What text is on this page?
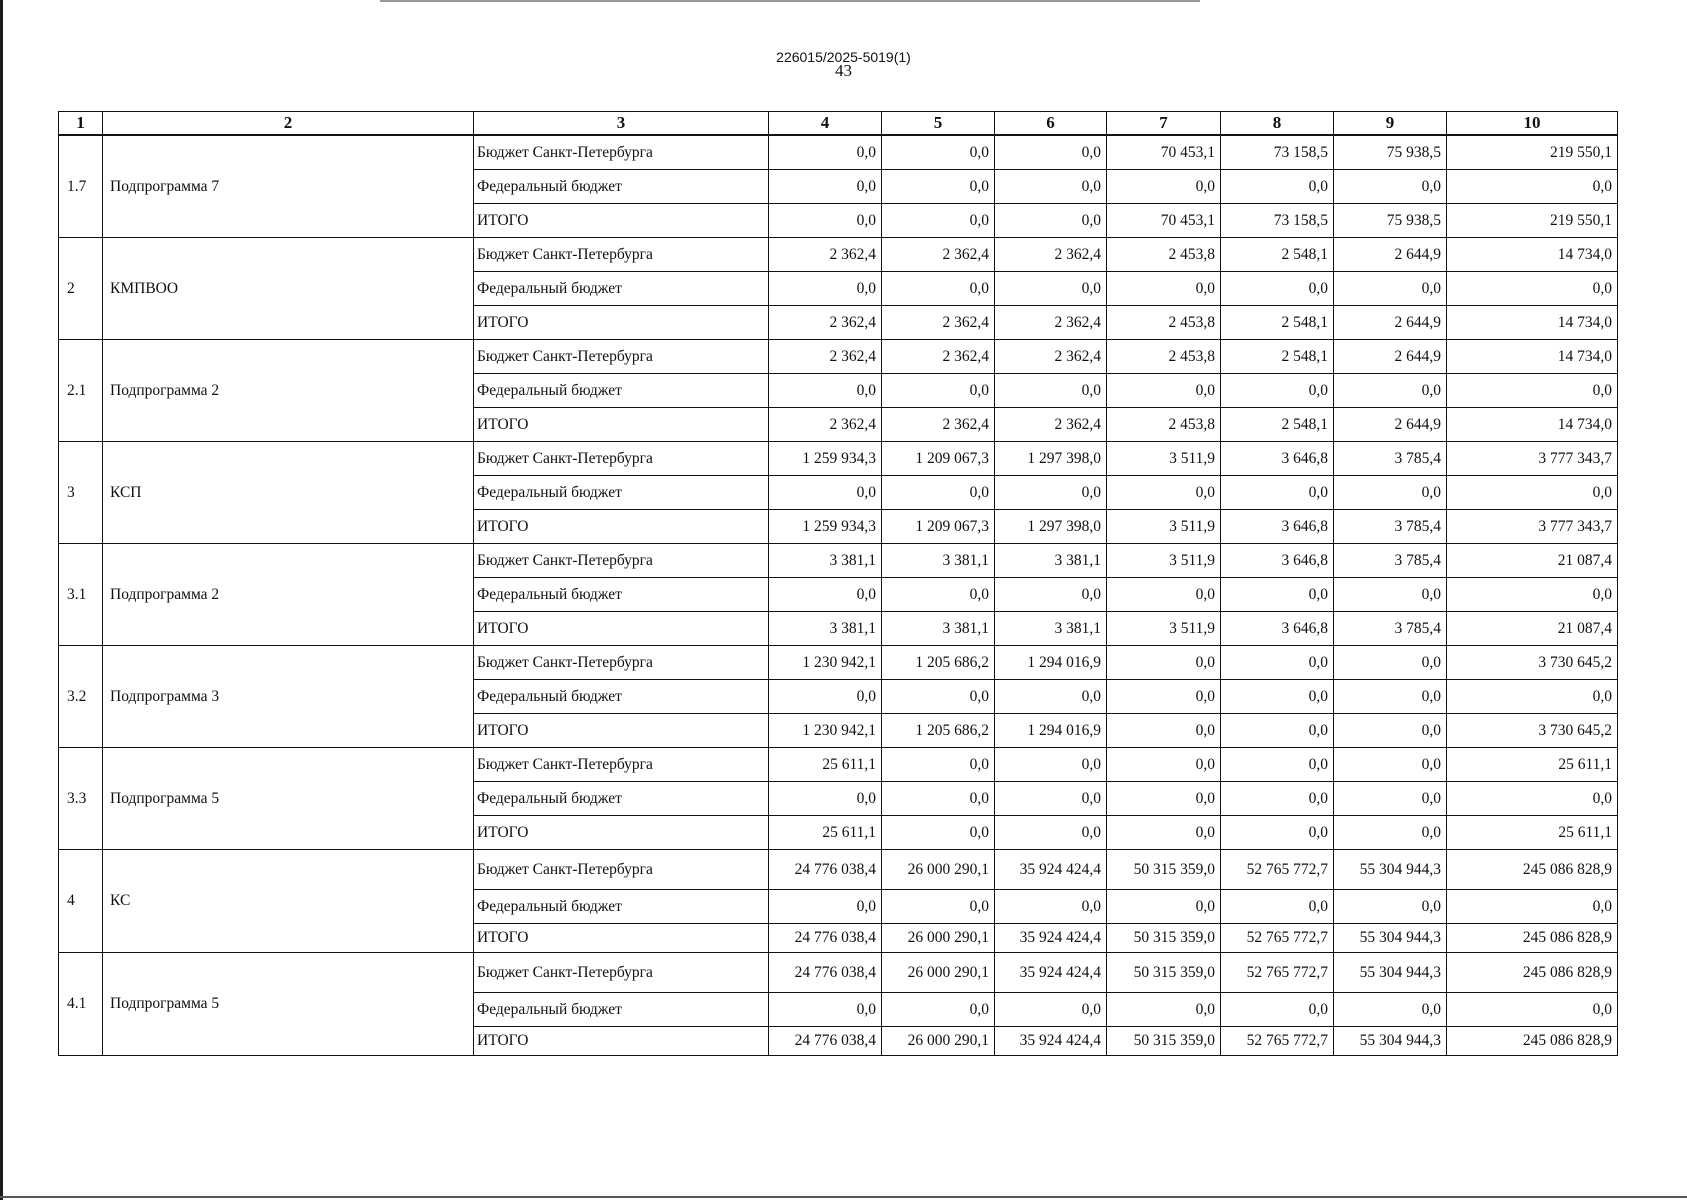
226015/2025-5019(1)
43
1	2	3	4	5	6	7	8	9	10
1.7	Подпрограмма 7	Бюджет Санкт-Петербурга	0,0	0,0	0,0	70 453,1	73 158,5	75 938,5	219 550,1
		Федеральный бюджет	0,0	0,0	0,0	0,0	0,0	0,0	0,0
		ИТОГО	0,0	0,0	0,0	70 453,1	73 158,5	75 938,5	219 550,1
2	КМПВОО	Бюджет Санкт-Петербурга	2 362,4	2 362,4	2 362,4	2 453,8	2 548,1	2 644,9	14 734,0
		Федеральный бюджет	0,0	0,0	0,0	0,0	0,0	0,0	0,0
		ИТОГО	2 362,4	2 362,4	2 362,4	2 453,8	2 548,1	2 644,9	14 734,0
2.1	Подпрограмма 2	Бюджет Санкт-Петербурга	2 362,4	2 362,4	2 362,4	2 453,8	2 548,1	2 644,9	14 734,0
		Федеральный бюджет	0,0	0,0	0,0	0,0	0,0	0,0	0,0
		ИТОГО	2 362,4	2 362,4	2 362,4	2 453,8	2 548,1	2 644,9	14 734,0
3	КСП	Бюджет Санкт-Петербурга	1 259 934,3	1 209 067,3	1 297 398,0	3 511,9	3 646,8	3 785,4	3 777 343,7
		Федеральный бюджет	0,0	0,0	0,0	0,0	0,0	0,0	0,0
		ИТОГО	1 259 934,3	1 209 067,3	1 297 398,0	3 511,9	3 646,8	3 785,4	3 777 343,7
3.1	Подпрограмма 2	Бюджет Санкт-Петербурга	3 381,1	3 381,1	3 381,1	3 511,9	3 646,8	3 785,4	21 087,4
		Федеральный бюджет	0,0	0,0	0,0	0,0	0,0	0,0	0,0
		ИТОГО	3 381,1	3 381,1	3 381,1	3 511,9	3 646,8	3 785,4	21 087,4
3.2	Подпрограмма 3	Бюджет Санкт-Петербурга	1 230 942,1	1 205 686,2	1 294 016,9	0,0	0,0	0,0	3 730 645,2
		Федеральный бюджет	0,0	0,0	0,0	0,0	0,0	0,0	0,0
		ИТОГО	1 230 942,1	1 205 686,2	1 294 016,9	0,0	0,0	0,0	3 730 645,2
3.3	Подпрограмма 5	Бюджет Санкт-Петербурга	25 611,1	0,0	0,0	0,0	0,0	0,0	25 611,1
		Федеральный бюджет	0,0	0,0	0,0	0,0	0,0	0,0	0,0
		ИТОГО	25 611,1	0,0	0,0	0,0	0,0	0,0	25 611,1
4	КС	Бюджет Санкт-Петербурга	24 776 038,4	26 000 290,1	35 924 424,4	50 315 359,0	52 765 772,7	55 304 944,3	245 086 828,9
		Федеральный бюджет	0,0	0,0	0,0	0,0	0,0	0,0	0,0
		ИТОГО	24 776 038,4	26 000 290,1	35 924 424,4	50 315 359,0	52 765 772,7	55 304 944,3	245 086 828,9
4.1	Подпрограмма 5	Бюджет Санкт-Петербурга	24 776 038,4	26 000 290,1	35 924 424,4	50 315 359,0	52 765 772,7	55 304 944,3	245 086 828,9
		Федеральный бюджет	0,0	0,0	0,0	0,0	0,0	0,0	0,0
		ИТОГО	24 776 038,4	26 000 290,1	35 924 424,4	50 315 359,0	52 765 772,7	55 304 944,3	245 086 828,9
